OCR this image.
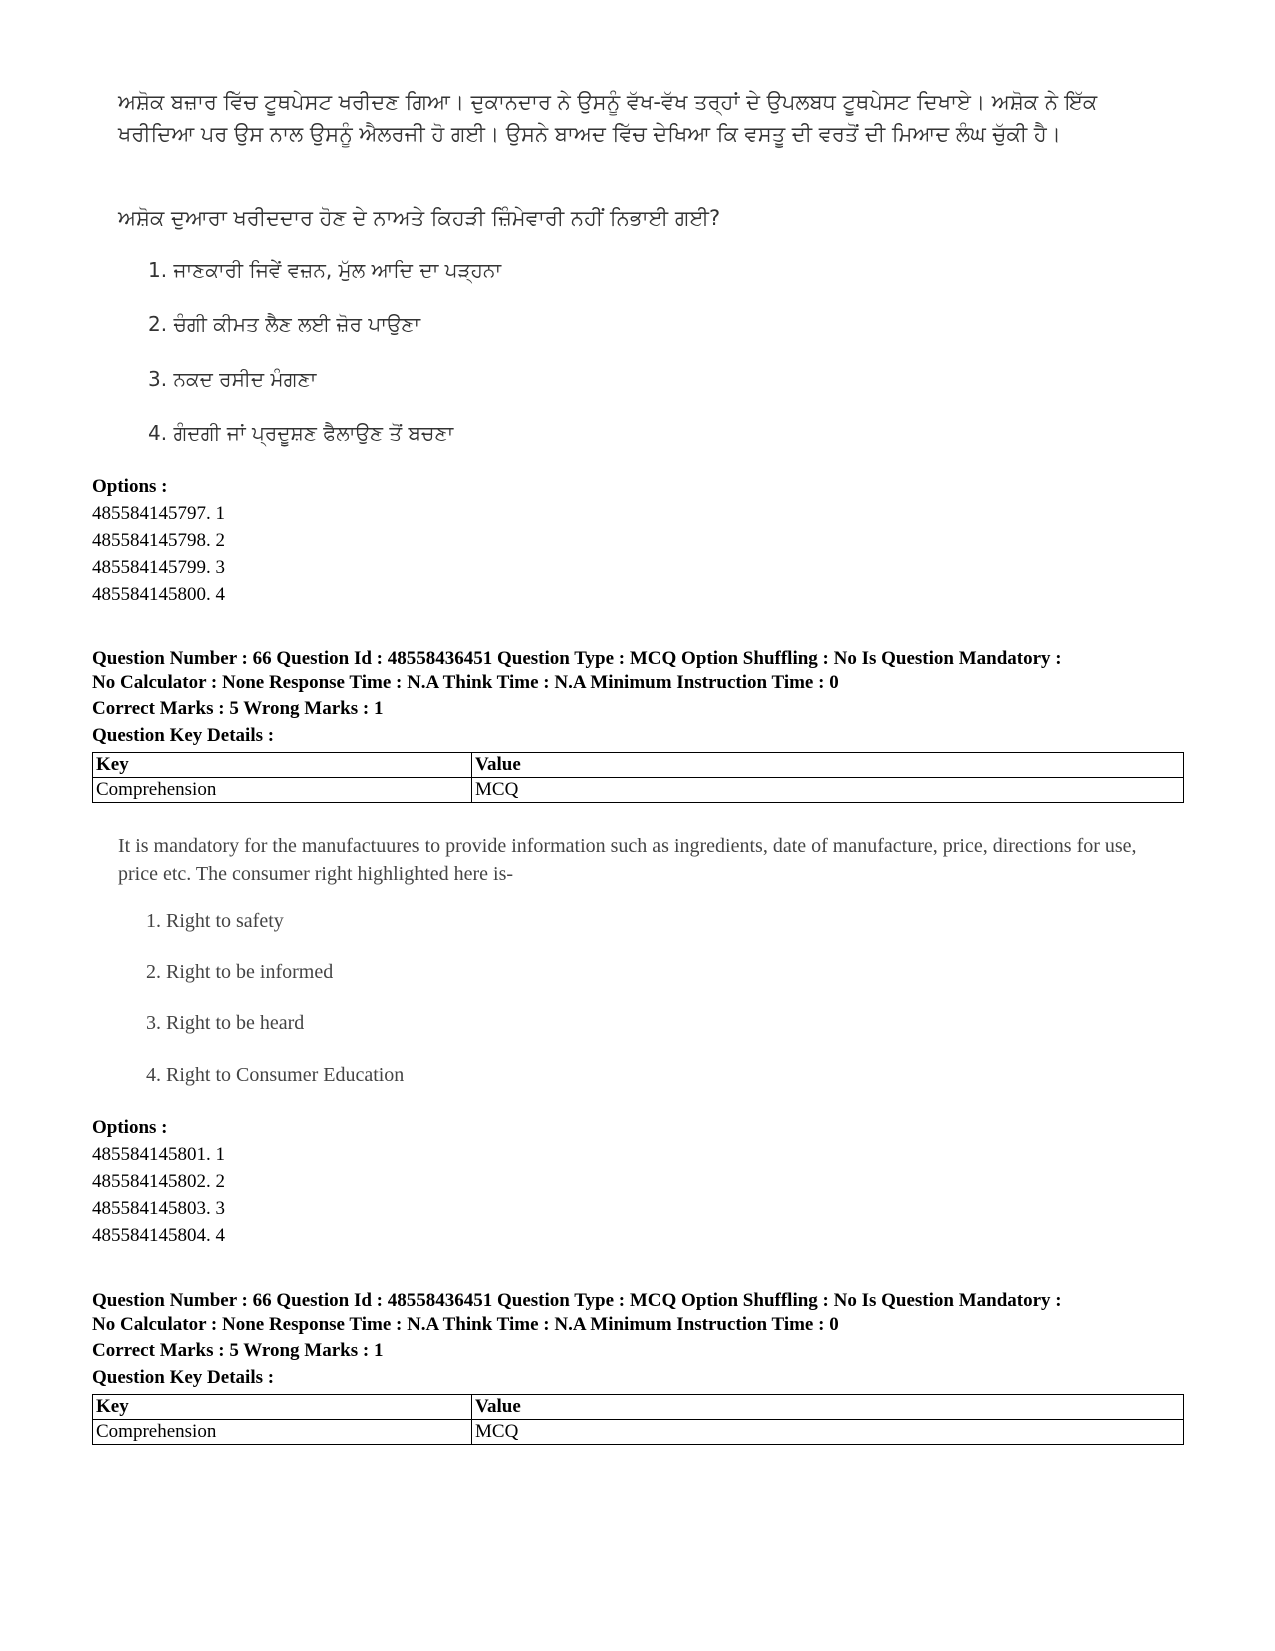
ਅਸ਼ੋਕ ਬਜ਼ਾਰ ਵਿੱਚ ਟੂਥਪੇਸਟ ਖਰੀਦਣ ਗਿਆ। ਦੁਕਾਨਦਾਰ ਨੇ ਉਸਨੂੰ ਵੱਖ-ਵੱਖ ਤਰ੍ਹਾਂ ਦੇ ਉਪਲਬਧ ਟੂਥਪੇਸਟ ਦਿਖਾਏ। ਅਸ਼ੋਕ ਨੇ ਇੱਕ ਖਰੀਦਿਆ ਪਰ ਉਸ ਨਾਲ ਉਸਨੂੰ ਐਲਰਜੀ ਹੋ ਗਈ। ਉਸਨੇ ਬਾਅਦ ਵਿੱਚ ਦੇਖਿਆ ਕਿ ਵਸਤੂ ਦੀ ਵਰਤੋਂ ਦੀ ਮਿਆਦ ਲੰਘ ਚੁੱਕੀ ਹੈ।
ਅਸ਼ੋਕ ਦੁਆਰਾ ਖਰੀਦਦਾਰ ਹੋਣ ਦੇ ਨਾਅਤੇ ਕਿਹੜੀ ਜ਼ਿੰਮੇਵਾਰੀ ਨਹੀਂ ਨਿਭਾਈ ਗਈ?
1. ਜਾਣਕਾਰੀ ਜਿਵੇਂ ਵਜ਼ਨ, ਮੁੱਲ ਆਦਿ ਦਾ ਪੜ੍ਹਨਾ
2. ਚੰਗੀ ਕੀਮਤ ਲੈਣ ਲਈ ਜ਼ੋਰ ਪਾਉਣਾ
3. ਨਕਦ ਰਸੀਦ ਮੰਗਣਾ
4. ਗੰਦਗੀ ਜਾਂ ਪ੍ਰਦੂਸ਼ਣ ਫੈਲਾਉਣ ਤੋਂ ਬਚਣਾ
Options :
485584145797. 1
485584145798. 2
485584145799. 3
485584145800. 4
Question Number : 66 Question Id : 48558436451 Question Type : MCQ Option Shuffling : No Is Question Mandatory :
No Calculator : None Response Time : N.A Think Time : N.A Minimum Instruction Time : 0
Correct Marks : 5 Wrong Marks : 1
Question Key Details :
Key	Value
Comprehension	MCQ
It is mandatory for the manufactuures to provide information such as ingredients, date of manufacture, price, directions for use, price etc. The consumer right highlighted here is-
1. Right to safety
2. Right to be informed
3. Right to be heard
4. Right to Consumer Education
Options :
485584145801. 1
485584145802. 2
485584145803. 3
485584145804. 4
Question Number : 66 Question Id : 48558436451 Question Type : MCQ Option Shuffling : No Is Question Mandatory :
No Calculator : None Response Time : N.A Think Time : N.A Minimum Instruction Time : 0
Correct Marks : 5 Wrong Marks : 1
Question Key Details :
Key	Value
Comprehension	MCQ
